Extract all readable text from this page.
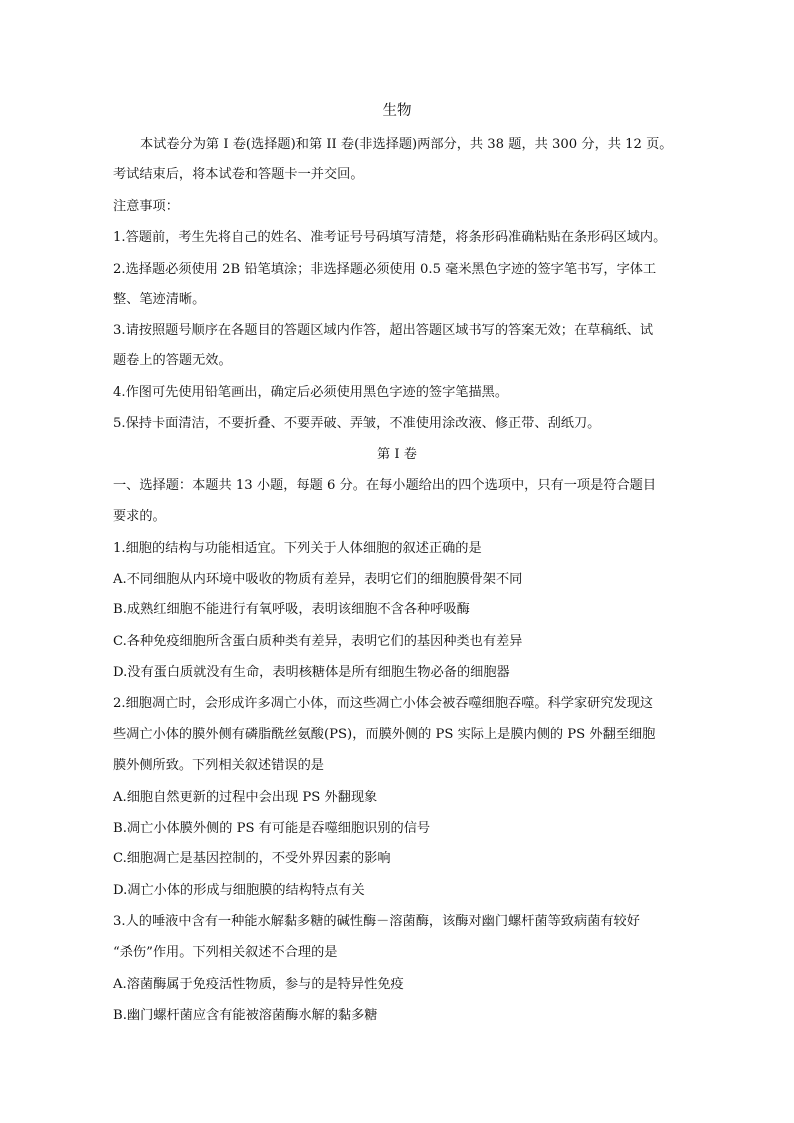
生物
本试卷分为第 I 卷(选择题)和第 II 卷(非选择题)两部分，共 38 题，共 300 分，共 12 页。
考试结束后，将本试卷和答题卡一并交回。
注意事项：
1.答题前，考生先将自己的姓名、准考证号号码填写清楚，将条形码准确粘贴在条形码区域内。
2.选择题必须使用 2B 铅笔填涂；非选择题必须使用 0.5 毫米黑色字迹的签字笔书写，字体工
整、笔迹清晰。
3.请按照题号顺序在各题目的答题区域内作答，超出答题区域书写的答案无效；在草稿纸、试
题卷上的答题无效。
4.作图可先使用铅笔画出，确定后必须使用黑色字迹的签字笔描黑。
5.保持卡面清洁，不要折叠、不要弄破、弄皱，不准使用涂改液、修正带、刮纸刀。
第 I 卷
一、选择题：本题共 13 小题，每题 6 分。在每小题给出的四个选项中，只有一项是符合题目
要求的。
1.细胞的结构与功能相适宜。下列关于人体细胞的叙述正确的是
A.不同细胞从内环境中吸收的物质有差异，表明它们的细胞膜骨架不同
B.成熟红细胞不能进行有氧呼吸，表明该细胞不含各种呼吸酶
C.各种免疫细胞所含蛋白质种类有差异，表明它们的基因种类也有差异
D.没有蛋白质就没有生命，表明核糖体是所有细胞生物必备的细胞器
2.细胞凋亡时，会形成许多凋亡小体，而这些凋亡小体会被吞噬细胞吞噬。科学家研究发现这
些凋亡小体的膜外侧有磷脂酰丝氨酸(PS)，而膜外侧的 PS 实际上是膜内侧的 PS 外翻至细胞
膜外侧所致。下列相关叙述错误的是
A.细胞自然更新的过程中会出现 PS 外翻现象
B.凋亡小体膜外侧的 PS 有可能是吞噬细胞识别的信号
C.细胞凋亡是基因控制的，不受外界因素的影响
D.凋亡小体的形成与细胞膜的结构特点有关
3.人的唾液中含有一种能水解黏多糖的碱性酶－溶菌酶，该酶对幽门螺杆菌等致病菌有较好
“杀伤”作用。下列相关叙述不合理的是
A.溶菌酶属于免疫活性物质，参与的是特异性免疫
B.幽门螺杆菌应含有能被溶菌酶水解的黏多糖
